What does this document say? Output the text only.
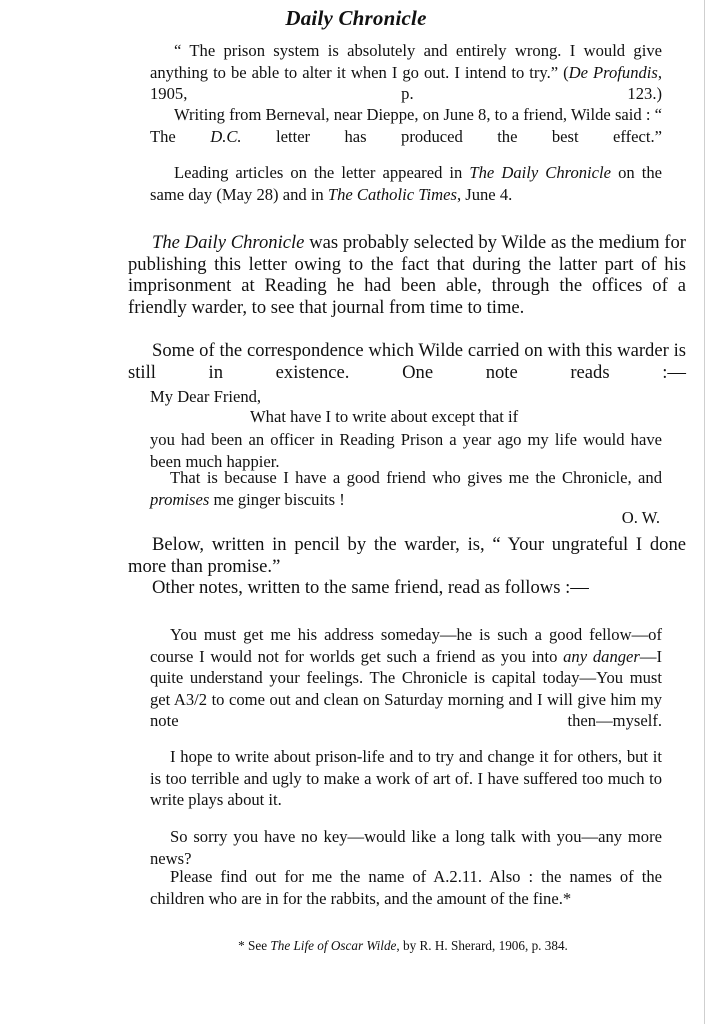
Daily Chronicle

“ The prison system is absolutely and entirely wrong. I would give anything to be able to alter it when I go out. I intend to try.” (De Profundis, 1905, p. 123.)

Writing from Berneval, near Dieppe, on June 8, to a friend, Wilde said : “ The D.C. letter has produced the best effect.”

Leading articles on the letter appeared in The Daily Chronicle on the same day (May 28) and in The Catholic Times, June 4.

The Daily Chronicle was probably selected by Wilde as the medium for publishing this letter owing to the fact that during the latter part of his imprisonment at Reading he had been able, through the offices of a friendly warder, to see that journal from time to time.

Some of the correspondence which Wilde carried on with this warder is still in existence. One note reads :—

My Dear Friend,

What have I to write about except that if

you had been an officer in Reading Prison a year ago my life would have been much happier.

That is because I have a good friend who gives me the Chronicle, and promises me ginger biscuits !

O. W.

Below, written in pencil by the warder, is, “ Your ungrateful I done more than promise.”

Other notes, written to the same friend, read as follows :—

You must get me his address someday—he is such a good fellow—of course I would not for worlds get such a friend as you into any danger—I quite understand your feelings. The Chronicle is capital today—You must get A3/2 to come out and clean on Saturday morning and I will give him my note then—myself.

I hope to write about prison-life and to try and change it for others, but it is too terrible and ugly to make a work of art of. I have suffered too much to write plays about it.

So sorry you have no key—would like a long talk with you—any more news?

Please find out for me the name of A.2.11. Also : the names of the children who are in for the rabbits, and the amount of the fine.*

* See The Life of Oscar Wilde, by R. H. Sherard, 1906, p. 384.
